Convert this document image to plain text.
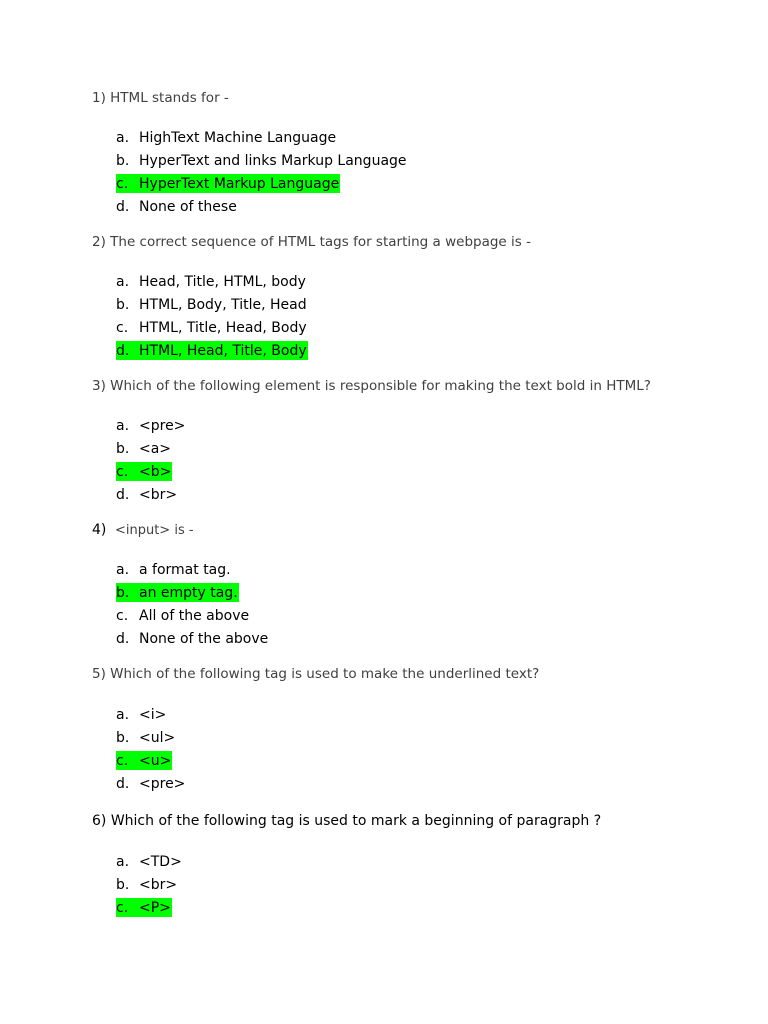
1) HTML stands for -
a. HighText Machine Language
b. HyperText and links Markup Language
c. HyperText Markup Language
d. None of these
2) The correct sequence of HTML tags for starting a webpage is -
a. Head, Title, HTML, body
b. HTML, Body, Title, Head
c. HTML, Title, Head, Body
d. HTML, Head, Title, Body
3) Which of the following element is responsible for making the text bold in HTML?
a. <pre>
b. <a>
c. <b>
d. <br>
4) <input> is -
a. a format tag.
b. an empty tag.
c. All of the above
d. None of the above
5) Which of the following tag is used to make the underlined text?
a. <i>
b. <ul>
c. <u>
d. <pre>
6) Which of the following tag is used to mark a beginning of paragraph ?
a. <TD>
b. <br>
c. <P>
